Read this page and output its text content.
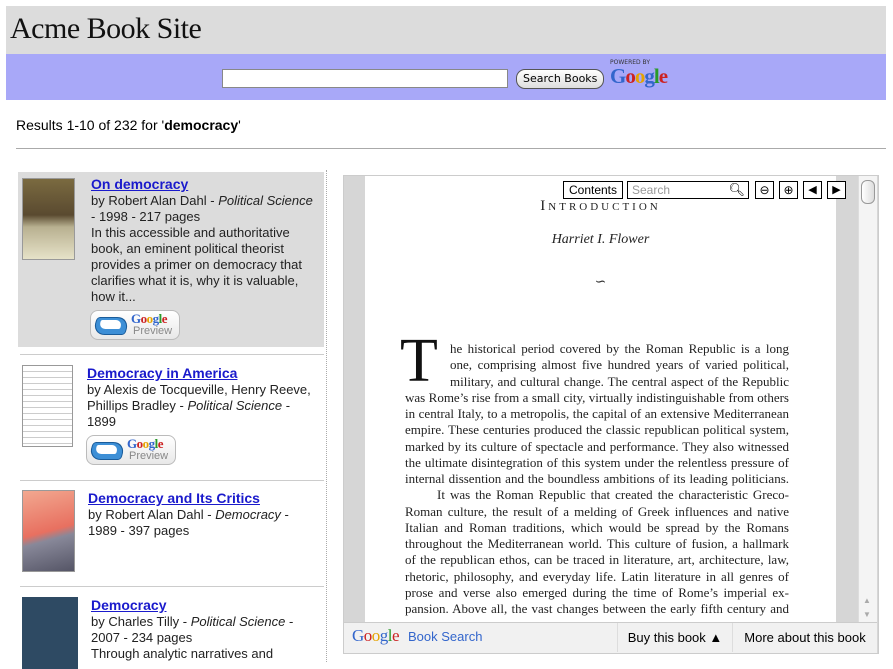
Acme Book Site
Search Books
POWERED BY
Google
Results 1-10 of 232 for 'democracy'
On democracy
by Robert Alan Dahl - Political Science - 1998 - 217 pages
In this accessible and authoritative book, an eminent political theorist provides a primer on democracy that clarifies what it is, why it is valuable, how it...
Google
Preview
Democracy in America
by Alexis de Tocqueville, Henry Reeve, Phillips Bradley - Political Science - 1899
Google
Preview
Democracy and Its Critics
by Robert Alan Dahl - Democracy - 1989 - 397 pages
Democracy
by Charles Tilly - Political Science - 2007 - 234 pages
Through analytic narratives and
▲
▼
Contents	Search	🔍︎	⊖	⊕	◀	▶
Introduction
Harriet I. Flower
∽
T he historical period covered by the Roman Republic is a long
one, comprising almost five hundred years of varied political,
military, and cultural change. The central aspect of the Republic
was Rome’s rise from a small city, virtually indistinguishable from others
in central Italy, to a metropolis, the capital of an extensive Mediterranean
empire. These centuries produced the classic republican political system,
marked by its culture of spectacle and performance. They also witnessed
the ultimate disintegration of this system under the relentless pressure of
internal dissention and the boundless ambitions of its leading politicians.
It was the Roman Republic that created the characteristic Greco-
Roman culture, the result of a melding of Greek influences and native
Italian and Roman traditions, which would be spread by the Romans
throughout the Mediterranean world. This culture of fusion, a hallmark
of the republican ethos, can be traced in literature, art, architecture, law,
rhetoric, philosophy, and everyday life. Latin literature in all genres of
prose and verse also emerged during the time of Rome’s imperial ex-
pansion. Above all, the vast changes between the early fifth century and
Google Book Search	Buy this book ▲	More about this book
